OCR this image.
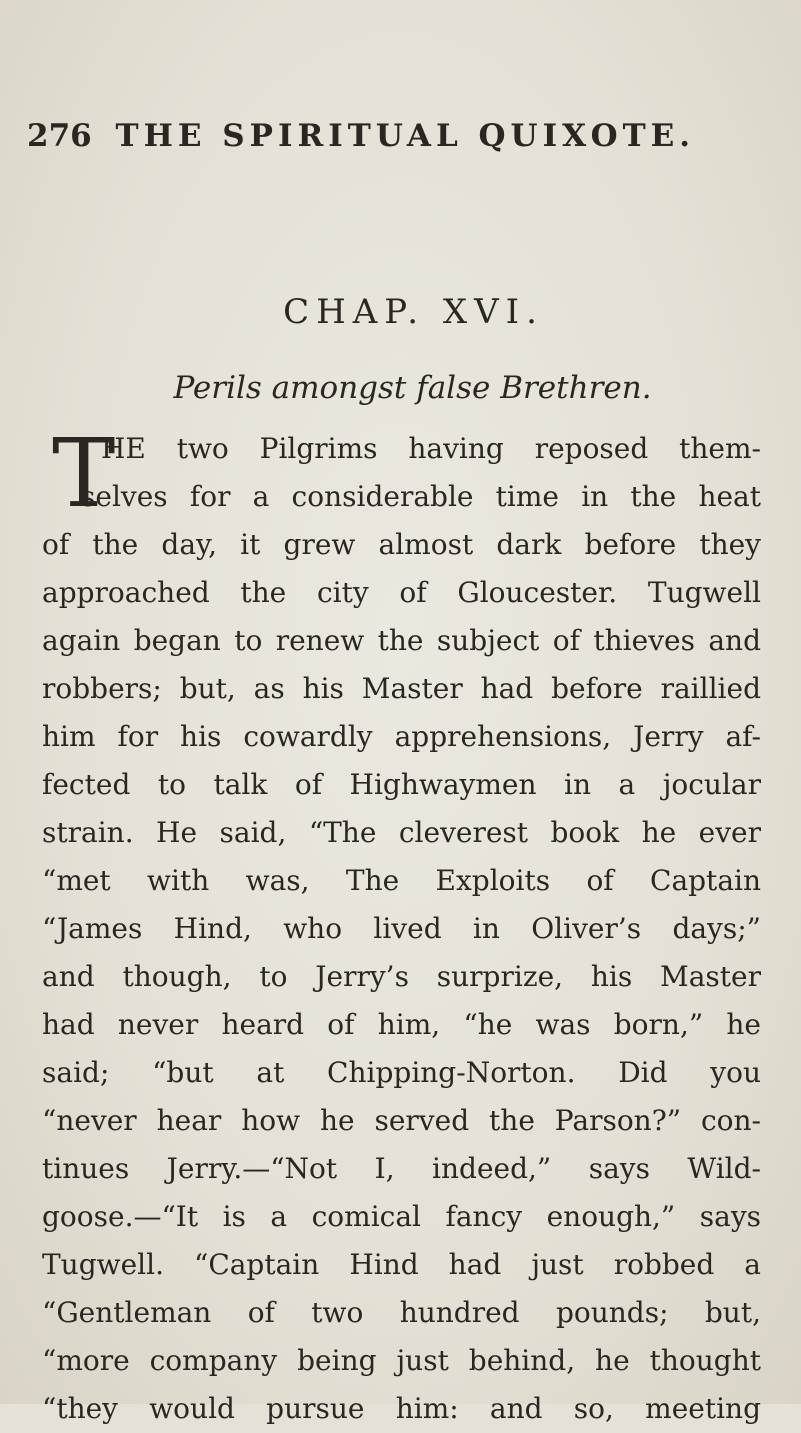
276 THE SPIRITUAL QUIXOTE.
CHAP. XVI.
Perils amongst false Brethren.
T
HE two Pilgrims having reposed them-
selves for a considerable time in the heat
of the day, it grew almost dark before they
approached the city of Gloucester. Tugwell
again began to renew the subject of thieves and
robbers; but, as his Master had before raillied
him for his cowardly apprehensions, Jerry af-
fected to talk of Highwaymen in a jocular
strain. He said, “The cleverest book he ever
“met with was, The Exploits of Captain
“James Hind, who lived in Oliver’s days;”
and though, to Jerry’s surprize, his Master
had never heard of him, “he was born,” he
said; “but at Chipping-Norton. Did you
“never hear how he served the Parson?” con-
tinues Jerry.—“Not I, indeed,” says Wild-
goose.—“It is a comical fancy enough,” says
Tugwell. “Captain Hind had just robbed a
“Gentleman of two hundred pounds; but,
“more company being just behind, he thought
“they would pursue him: and so, meeting
